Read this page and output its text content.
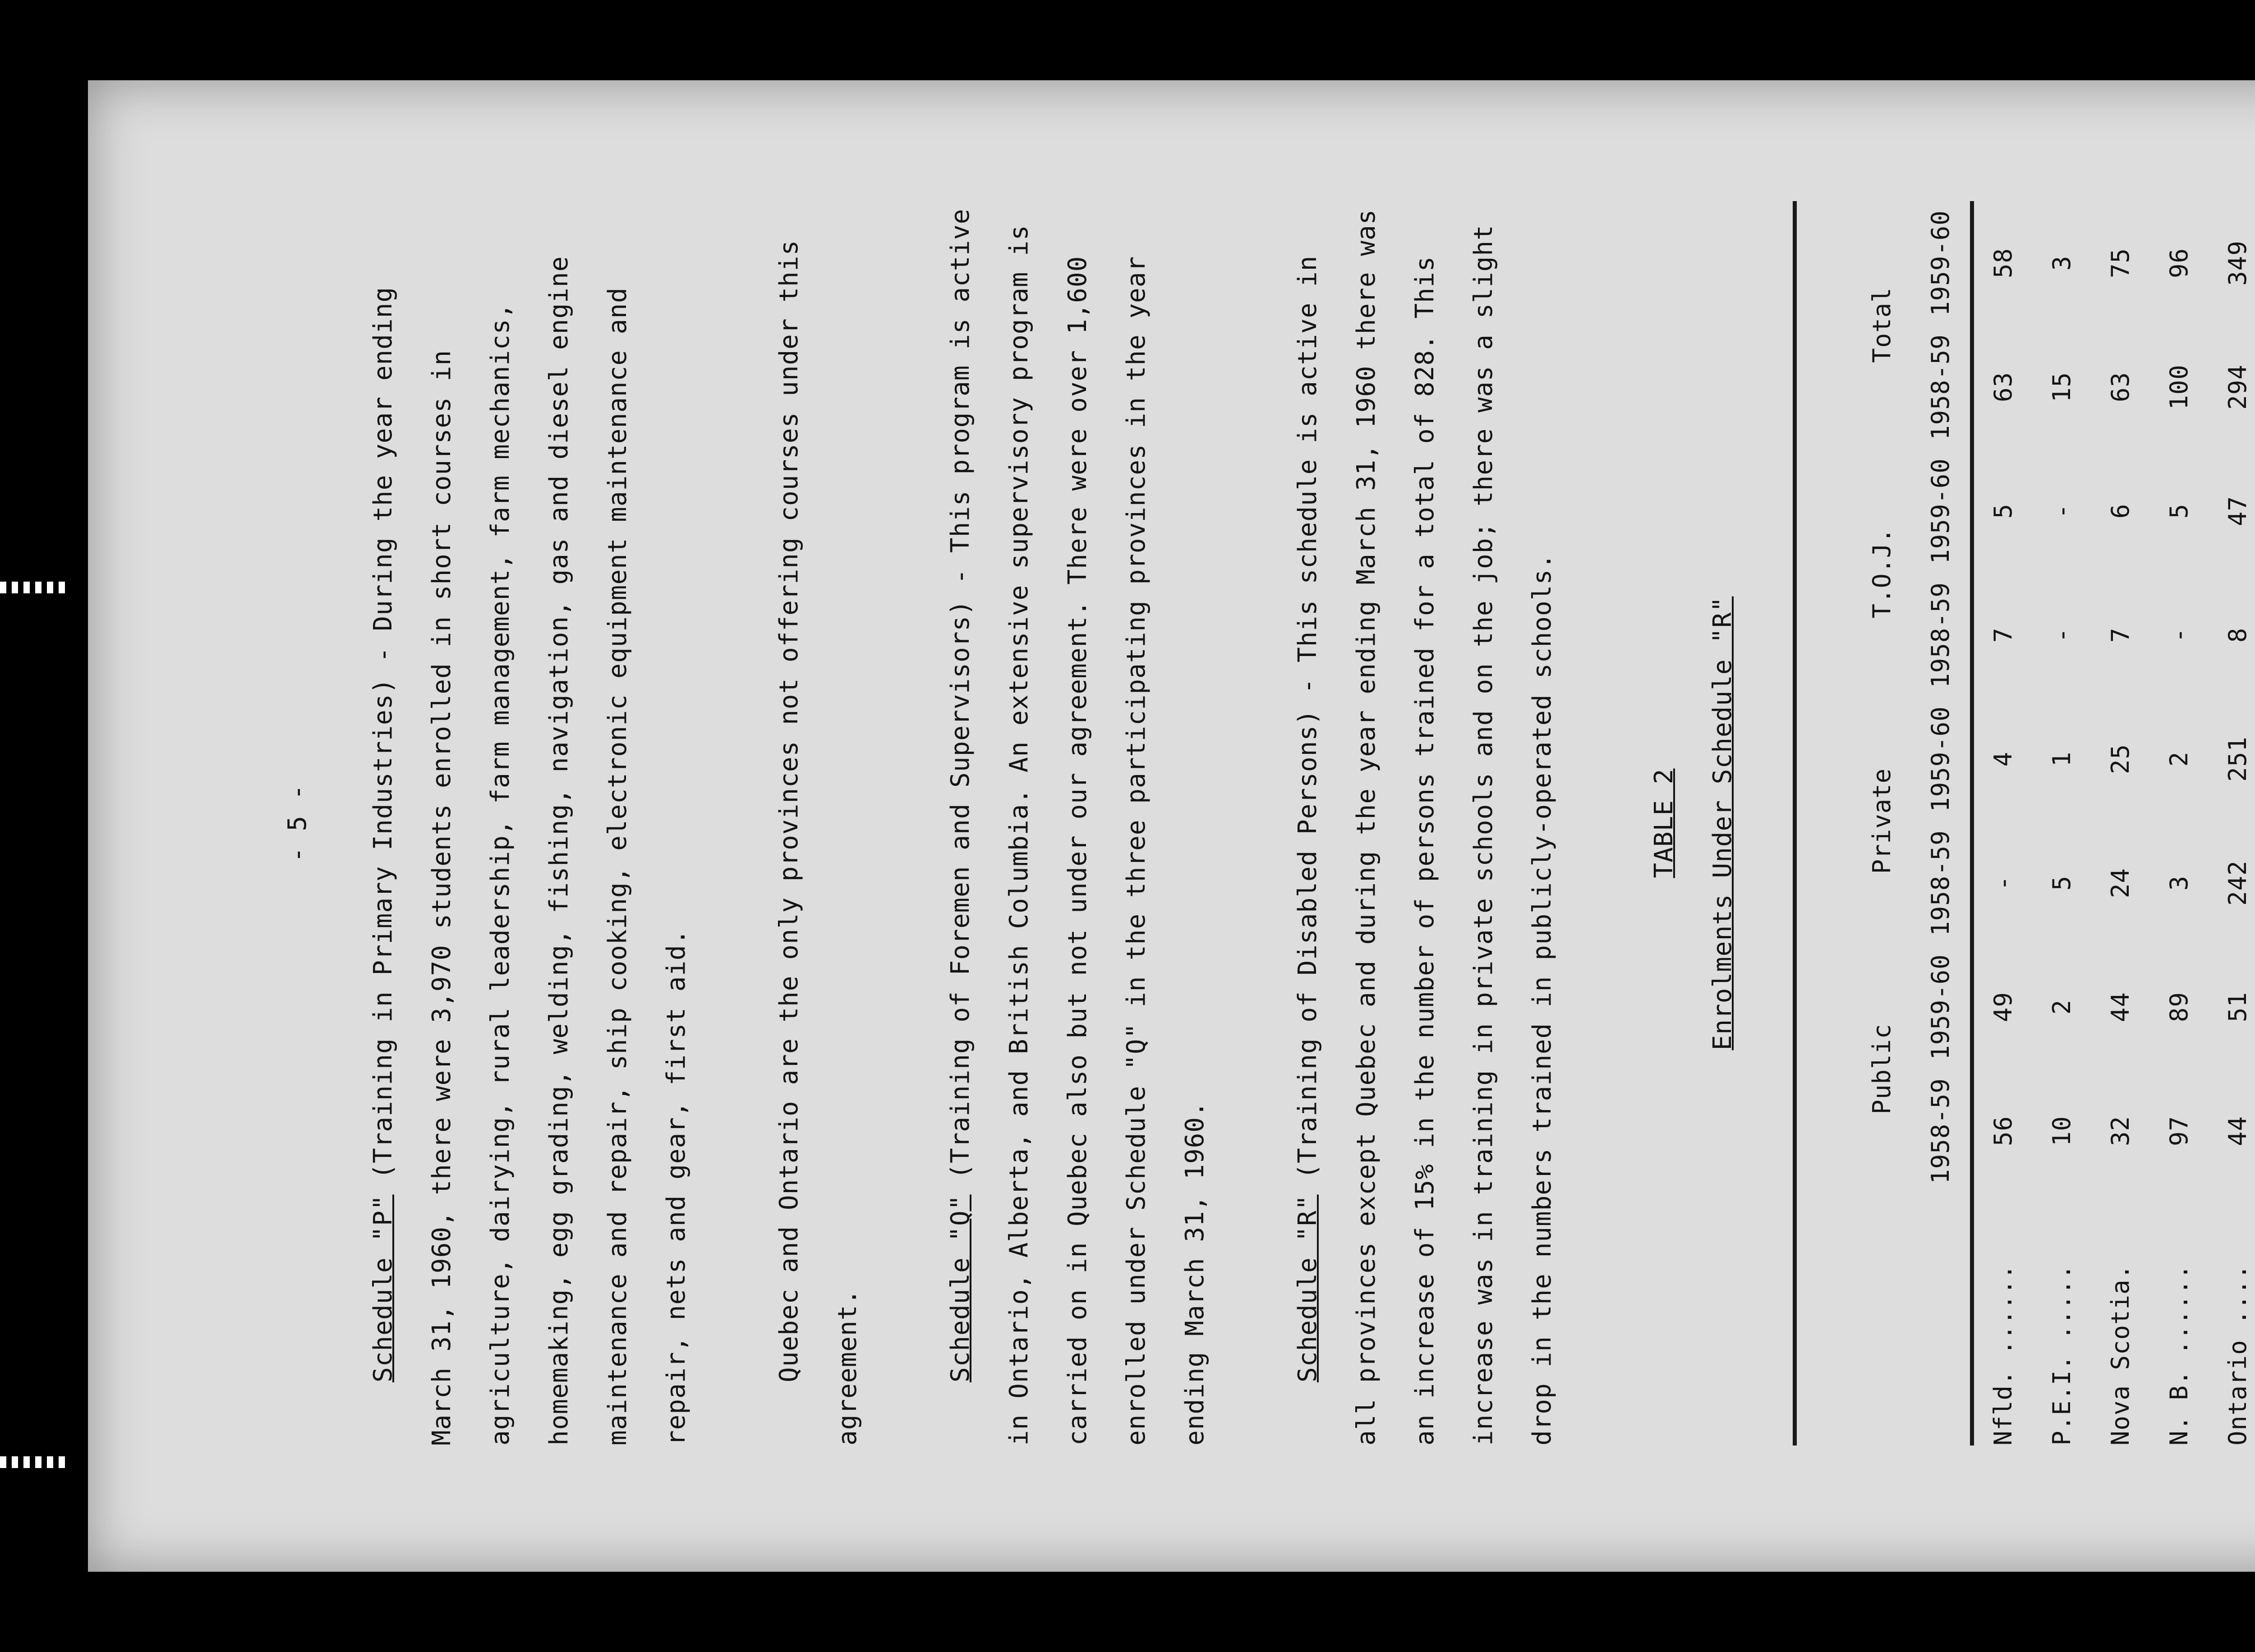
- 5 -

Schedule "P" (Training in Primary Industries) - During the year ending March 31, 1960, there were 3,970 students enrolled in short courses in agriculture, dairying, rural leadership, farm management, farm mechanics, homemaking, egg grading, welding, fishing, navigation, gas and diesel engine maintenance and repair, ship cooking, electronic equipment maintenance and repair, nets and gear, first aid.	Quebec and Ontario are the only provinces not offering courses under this agreement.	Schedule "Q" (Training of Foremen and Supervisors) - This program is active in Ontario, Alberta, and British Columbia. An extensive supervisory program is carried on in Quebec also but not under our agreement. There were over 1,600 enrolled under Schedule "Q" in the three participating provinces in the year ending March 31, 1960.	Schedule "R" (Training of Disabled Persons) - This schedule is active in all provinces except Quebec and during the year ending March 31, 1960 there was an increase of 15% in the number of persons trained for a total of 828. This increase was in training in private schools and on the job; there was a slight drop in the numbers trained in publicly-operated schools.	TABLE 2	Enrolments Under Schedule "R"

	Public		Private		T.O.J.		Total	
	1958-59	1959-60	1958-59	1959-60	1958-59	1959-60	1958-59	1959-60
Nfld. ......	56	49	-	4	7	5	63	58
P.E.I. .....	10	2	5	1	-	-	15	3
Nova Scotia.	32	44	24	25	7	6	63	75
N. B. ......	97	89	3	2	-	5	100	96
Ontario ....	44	51	242	251	8	47	294	349
